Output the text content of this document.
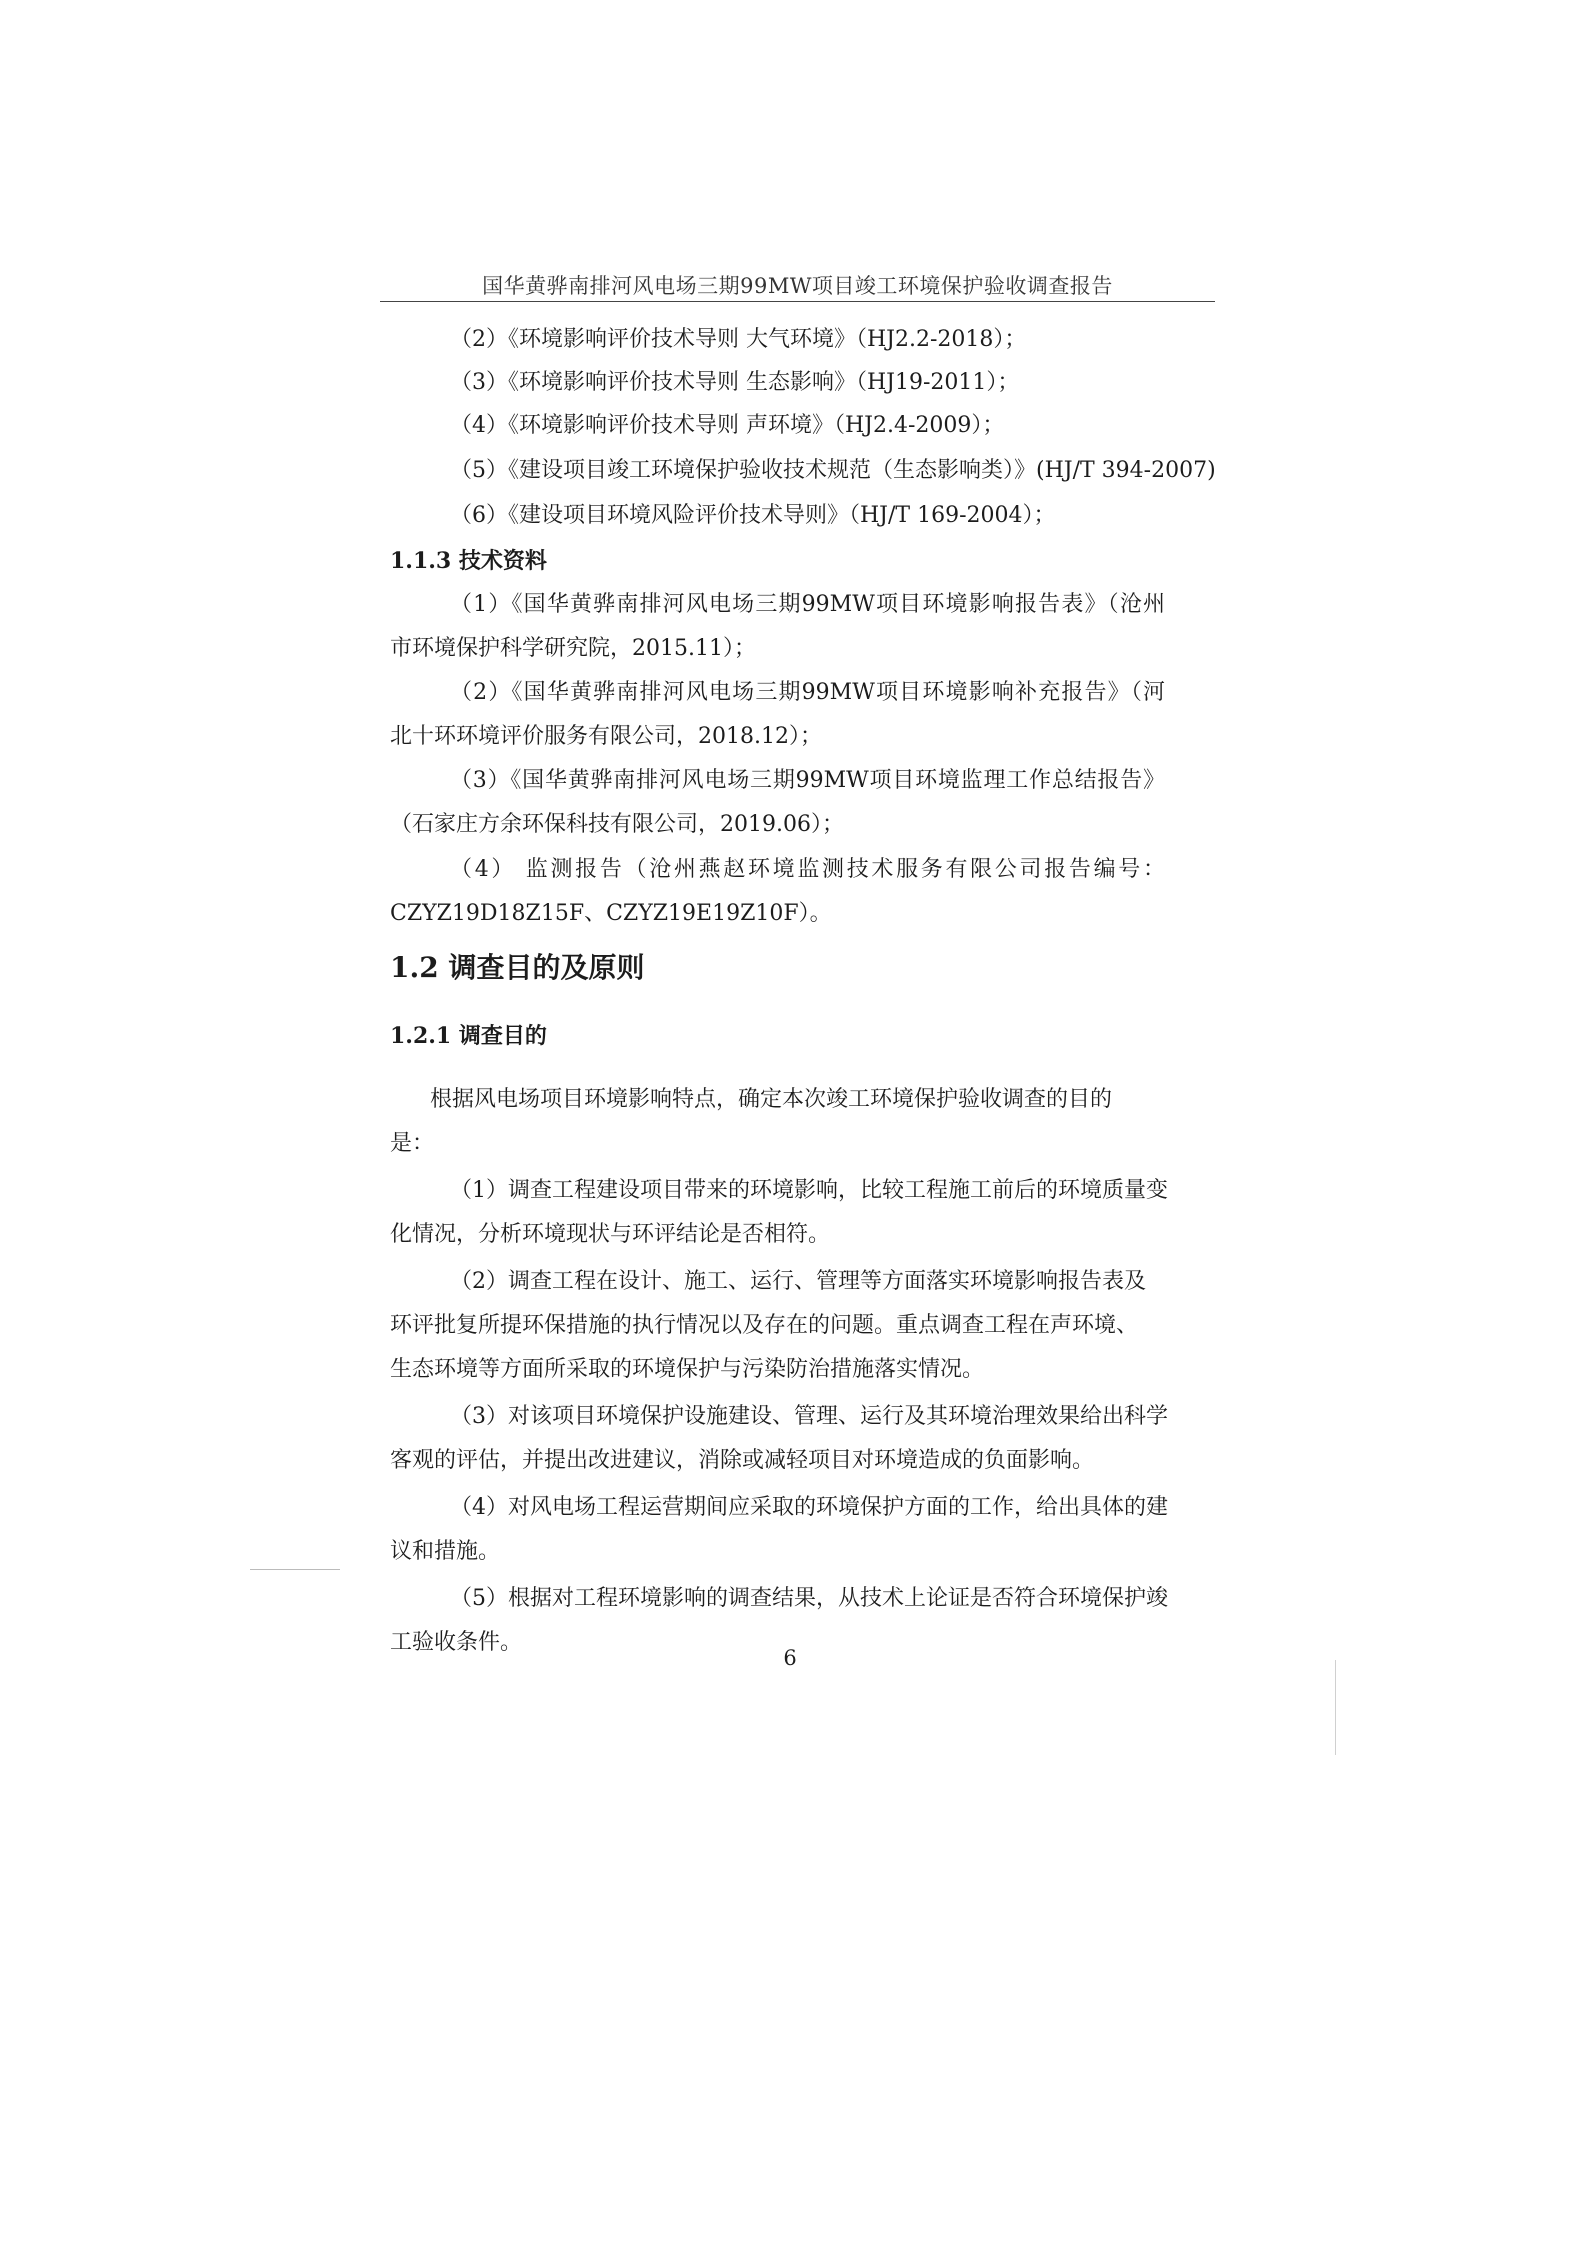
国华黄骅南排河风电场三期99MW项目竣工环境保护验收调查报告
（2）《环境影响评价技术导则 大气环境》（HJ2.2-2018）；
（3）《环境影响评价技术导则 生态影响》（HJ19-2011）；
（4）《环境影响评价技术导则 声环境》（HJ2.4-2009）；
（5）《建设项目竣工环境保护验收技术规范（生态影响类）》(HJ/T 394-2007)
（6）《建设项目环境风险评价技术导则》（HJ/T 169-2004）；
1.1.3 技术资料
（1）《国华黄骅南排河风电场三期99MW项目环境影响报告表》（沧州
市环境保护科学研究院，2015.11）；
（2）《国华黄骅南排河风电场三期99MW项目环境影响补充报告》（河
北十环环境评价服务有限公司，2018.12）；
（3）《国华黄骅南排河风电场三期99MW项目环境监理工作总结报告》
（石家庄方余环保科技有限公司，2019.06）；
（4） 监测报告（沧州燕赵环境监测技术服务有限公司报告编号：
CZYZ19D18Z15F、CZYZ19E19Z10F）。
1.2 调查目的及原则
1.2.1 调查目的
根据风电场项目环境影响特点，确定本次竣工环境保护验收调查的目的
是：
（1）调查工程建设项目带来的环境影响，比较工程施工前后的环境质量变
化情况，分析环境现状与环评结论是否相符。
（2）调查工程在设计、施工、运行、管理等方面落实环境影响报告表及
环评批复所提环保措施的执行情况以及存在的问题。重点调查工程在声环境、
生态环境等方面所采取的环境保护与污染防治措施落实情况。
（3）对该项目环境保护设施建设、管理、运行及其环境治理效果给出科学
客观的评估，并提出改进建议，消除或减轻项目对环境造成的负面影响。
（4）对风电场工程运营期间应采取的环境保护方面的工作，给出具体的建
议和措施。
（5）根据对工程环境影响的调查结果，从技术上论证是否符合环境保护竣
工验收条件。
6
